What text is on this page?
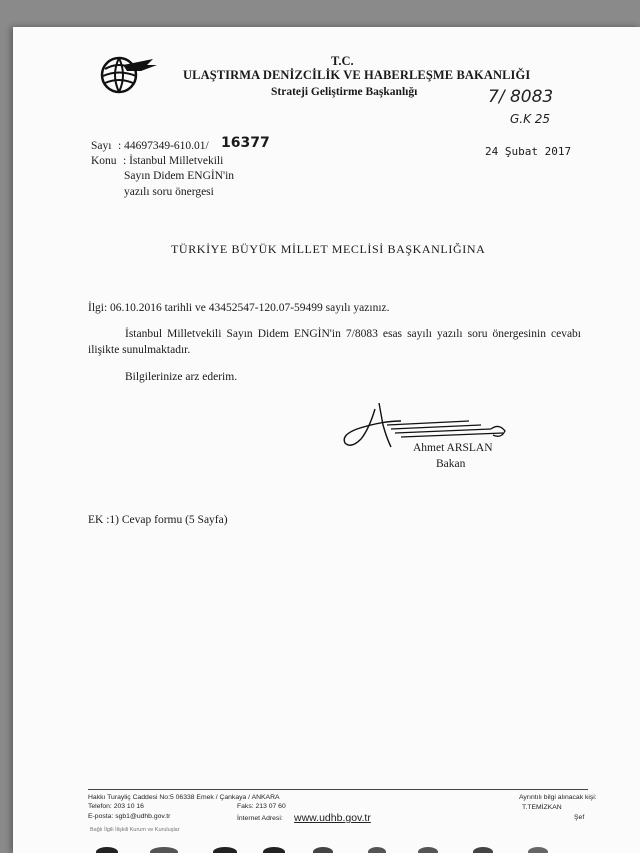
T.C.
ULAŞTIRMA DENİZCİLİK VE HABERLEŞME BAKANLIĞI
Strateji Geliştirme Başkanlığı	7/ 8083
G.K 25
Sayı : 44697349-610.01/ 16377
24 Şubat 2017
Konu : İstanbul Milletvekili
Sayın Didem ENGİN'in
yazılı soru önergesi
TÜRKİYE BÜYÜK MİLLET MECLİSİ BAŞKANLIĞINA
İlgi: 06.10.2016 tarihli ve 43452547-120.07-59499 sayılı yazınız.
İstanbul Milletvekili Sayın Didem ENGİN'in 7/8083 esas sayılı yazılı soru önergesinin cevabı ilişikte sunulmaktadır.
Bilgilerinize arz ederim.
Ahmet ARSLAN
Bakan
EK :1) Cevap formu (5 Sayfa)
Hakkı Turayliç Caddesi No:5 06338 Emek / Çankaya / ANKARA
Telefon: 203 10 16	Faks: 213 07 60
E-posta: sgb1@udhb.gov.tr	İnternet Adresi: www.udhb.gov.tr
Ayrıntılı bilgi alınacak kişi:
T.TEMİZKAN
Şef
Bağlı İlgili İlişkili Kurum ve Kuruluşlar
